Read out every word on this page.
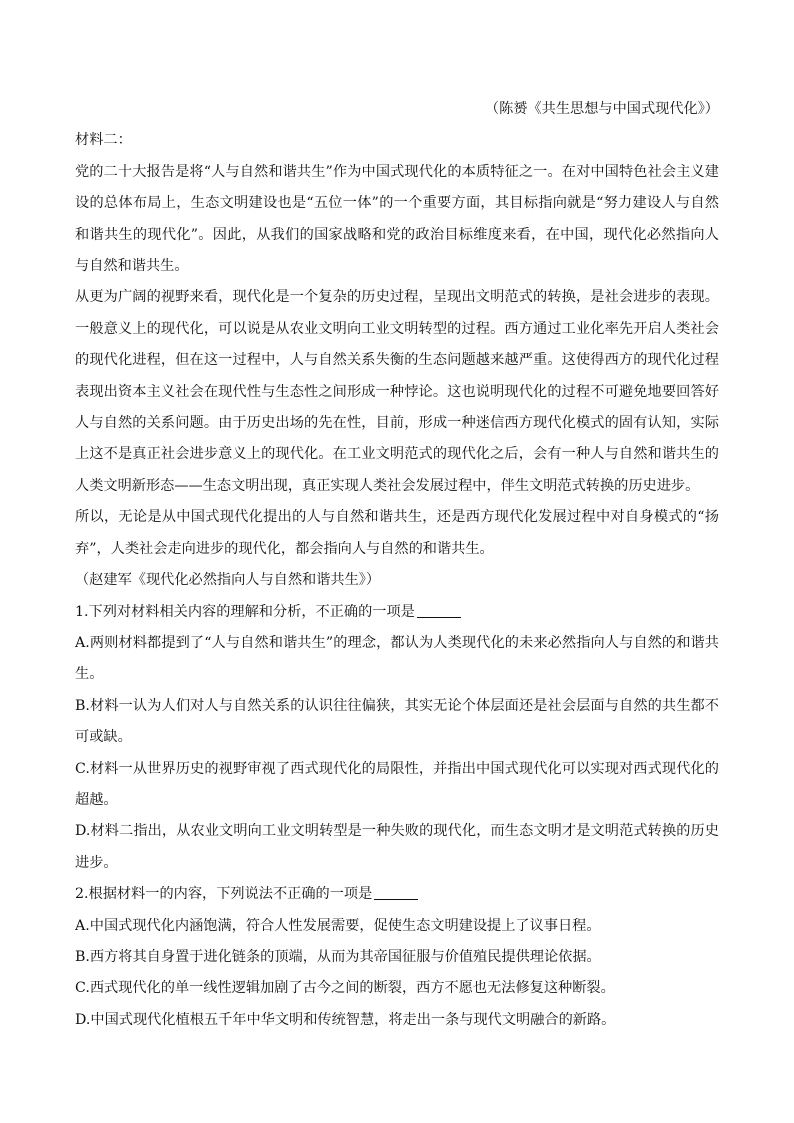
（陈赟《共生思想与中国式现代化》）

材料二：

党的二十大报告是将“人与自然和谐共生”作为中国式现代化的本质特征之一。在对中国特色社会主义建设的总体布局上，生态文明建设也是“五位一体”的一个重要方面，其目标指向就是“努力建设人与自然和谐共生的现代化”。因此，从我们的国家战略和党的政治目标维度来看，在中国，现代化必然指向人与自然和谐共生。

从更为广阔的视野来看，现代化是一个复杂的历史过程，呈现出文明范式的转换，是社会进步的表现。一般意义上的现代化，可以说是从农业文明向工业文明转型的过程。西方通过工业化率先开启人类社会的现代化进程，但在这一过程中，人与自然关系失衡的生态问题越来越严重。这使得西方的现代化过程表现出资本主义社会在现代性与生态性之间形成一种悖论。这也说明现代化的过程不可避免地要回答好人与自然的关系问题。由于历史出场的先在性，目前，形成一种迷信西方现代化模式的固有认知，实际上这不是真正社会进步意义上的现代化。在工业文明范式的现代化之后，会有一种人与自然和谐共生的人类文明新形态——生态文明出现，真正实现人类社会发展过程中，伴生文明范式转换的历史进步。

所以，无论是从中国式现代化提出的人与自然和谐共生，还是西方现代化发展过程中对自身模式的“扬弃”，人类社会走向进步的现代化，都会指向人与自然的和谐共生。

（赵建军《现代化必然指向人与自然和谐共生》）

1.下列对材料相关内容的理解和分析，不正确的一项是

A.两则材料都提到了“人与自然和谐共生”的理念，都认为人类现代化的未来必然指向人与自然的和谐共生。

B.材料一认为人们对人与自然关系的认识往往偏狭，其实无论个体层面还是社会层面与自然的共生都不可或缺。

C.材料一从世界历史的视野审视了西式现代化的局限性，并指出中国式现代化可以实现对西式现代化的超越。

D.材料二指出，从农业文明向工业文明转型是一种失败的现代化，而生态文明才是文明范式转换的历史进步。

2.根据材料一的内容，下列说法不正确的一项是

A.中国式现代化内涵饱满，符合人性发展需要，促使生态文明建设提上了议事日程。

B.西方将其自身置于进化链条的顶端，从而为其帝国征服与价值殖民提供理论依据。

C.西式现代化的单一线性逻辑加剧了古今之间的断裂，西方不愿也无法修复这种断裂。

D.中国式现代化植根五千年中华文明和传统智慧，将走出一条与现代文明融合的新路。
